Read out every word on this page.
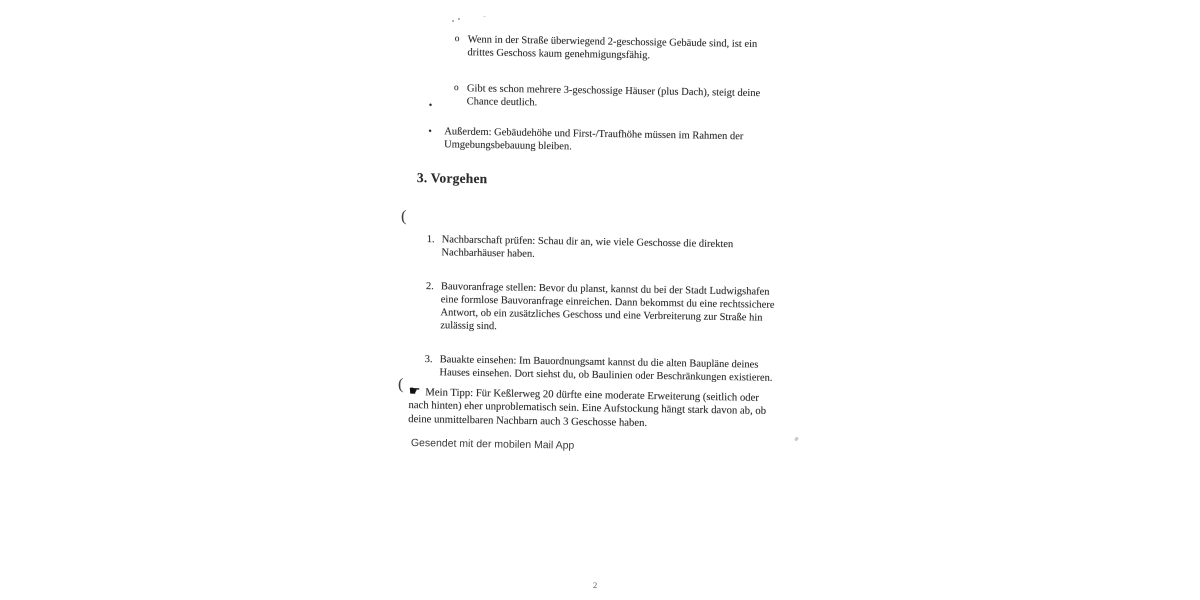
o Wenn in der Straße überwiegend 2-geschossige Gebäude sind, ist ein
drittes Geschoss kaum genehmigungsfähig.

o Gibt es schon mehrere 3-geschossige Häuser (plus Dach), steigt deine
Chance deutlich.

•

•	Außerdem: Gebäudehöhe und First-/Traufhöhe müssen im Rahmen der
Umgebungsbebauung bleiben.

3. Vorgehen
(

1. Nachbarschaft prüfen: Schau dir an, wie viele Geschosse die direkten
Nachbarhäuser haben.

2. Bauvoranfrage stellen: Bevor du planst, kannst du bei der Stadt Ludwigshafen
eine formlose Bauvoranfrage einreichen. Dann bekommst du eine rechtssichere
Antwort, ob ein zusätzliches Geschoss und eine Verbreiterung zur Straße hin
zulässig sind.

3. Bauakte einsehen: Im Bauordnungsamt kannst du die alten Baupläne deines
Hauses einsehen. Dort siehst du, ob Baulinien oder Beschränkungen existieren.

( ☛ Mein Tipp: Für Keßlerweg 20 dürfte eine moderate Erweiterung (seitlich oder
nach hinten) eher unproblematisch sein. Eine Aufstockung hängt stark davon ab, ob
deine unmittelbaren Nachbarn auch 3 Geschosse haben.

Gesendet mit der mobilen Mail App
2
